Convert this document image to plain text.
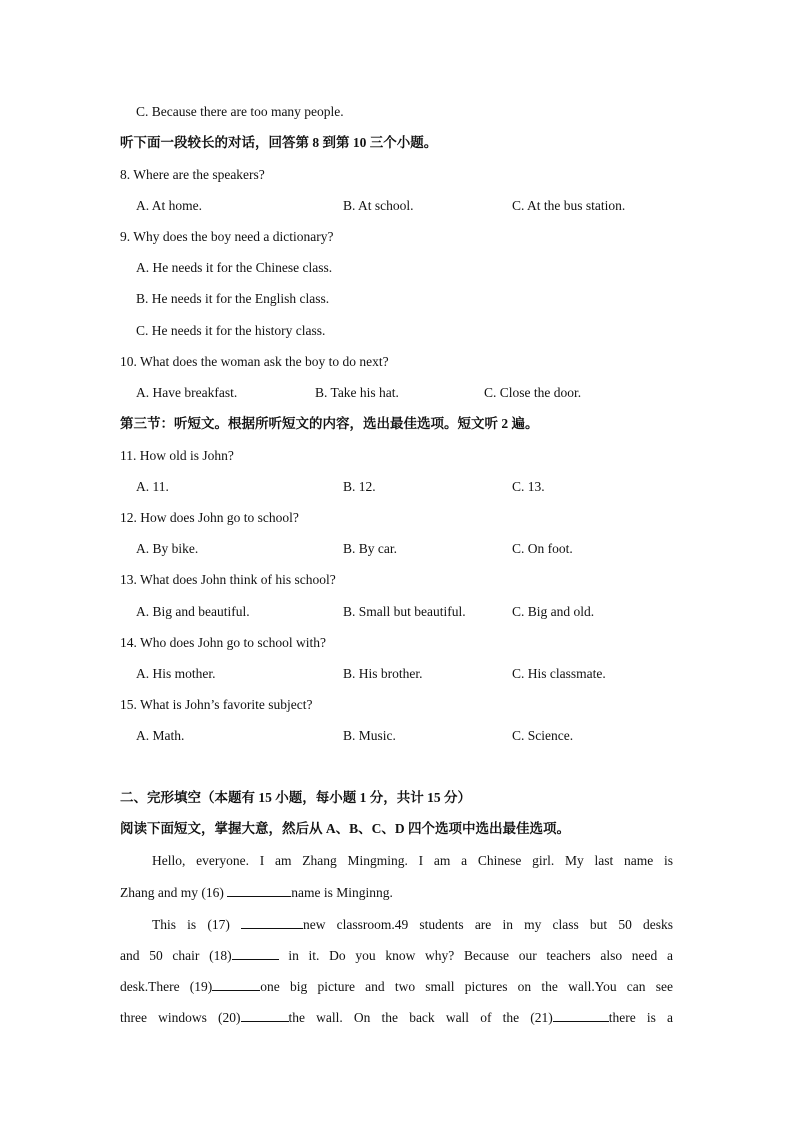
C. Because there are too many people.
听下面一段较长的对话，回答第 8 到第 10 三个小题。
8. Where are the speakers?
A. At home.	B. At school.	C. At the bus station.
9. Why does the boy need a dictionary?
A. He needs it for the Chinese class.
B. He needs it for the English class.
C. He needs it for the history class.
10. What does the woman ask the boy to do next?
A. Have breakfast.	B. Take his hat.	C. Close the door.
第三节：听短文。根据所听短文的内容，选出最佳选项。短文听 2 遍。
11. How old is John?
A. 11.	B. 12.	C. 13.
12. How does John go to school?
A. By bike.	B. By car.	C. On foot.
13. What does John think of his school?
A. Big and beautiful.	B. Small but beautiful.	C. Big and old.
14. Who does John go to school with?
A. His mother.	B. His brother.	C. His classmate.
15. What is John’s favorite subject?
A. Math.	B. Music.	C. Science.
二、完形填空（本题有 15 小题，每小题 1 分，共计 15 分）
阅读下面短文，掌握大意，然后从 A、B、C、D 四个选项中选出最佳选项。
Hello, everyone. I am Zhang Mingming. I am a Chinese girl. My last name is
Zhang and my (16)	name is Minginng.
This is (17)	new classroom.49 students are in my class but 50 desks
and 50 chair (18)	in it. Do you know why? Because our teachers also need a
desk.There (19)	one big picture and two small pictures on the wall.You can see
three windows (20)	the wall. On the back wall of the (21)	there is a
